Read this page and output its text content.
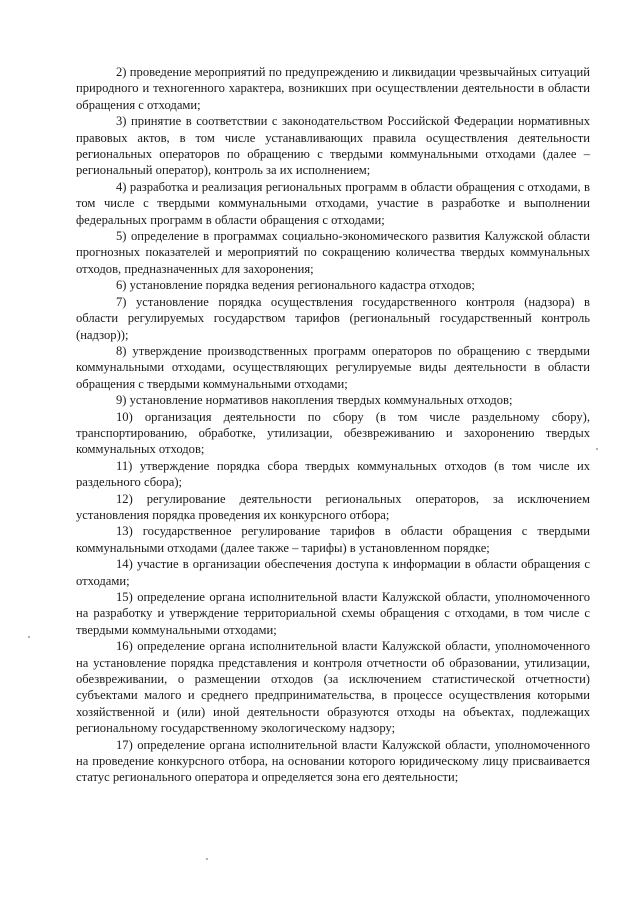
2) проведение мероприятий по предупреждению и ликвидации чрезвычайных ситуаций природного и техногенного характера, возникших при осуществлении деятельности в области обращения с отходами;

3) принятие в соответствии с законодательством Российской Федерации нормативных правовых актов, в том числе устанавливающих правила осуществления деятельности региональных операторов по обращению с твердыми коммунальными отходами (далее – региональный оператор), контроль за их исполнением;

4) разработка и реализация региональных программ в области обращения с отходами, в том числе с твердыми коммунальными отходами, участие в разработке и выполнении федеральных программ в области обращения с отходами;

5) определение в программах социально-экономического развития Калужской области прогнозных показателей и мероприятий по сокращению количества твердых коммунальных отходов, предназначенных для захоронения;

6) установление порядка ведения регионального кадастра отходов;

7) установление порядка осуществления государственного контроля (надзора) в области регулируемых государством тарифов (региональный государственный контроль (надзор));

8) утверждение производственных программ операторов по обращению с твердыми коммунальными отходами, осуществляющих регулируемые виды деятельности в области обращения с твердыми коммунальными отходами;

9) установление нормативов накопления твердых коммунальных отходов;

10) организация деятельности по сбору (в том числе раздельному сбору), транспортированию, обработке, утилизации, обезвреживанию и захоронению твердых коммунальных отходов;

11) утверждение порядка сбора твердых коммунальных отходов (в том числе их раздельного сбора);

12) регулирование деятельности региональных операторов, за исключением установления порядка проведения их конкурсного отбора;

13) государственное регулирование тарифов в области обращения с твердыми коммунальными отходами (далее также – тарифы) в установленном порядке;

14) участие в организации обеспечения доступа к информации в области обращения с отходами;

15) определение органа исполнительной власти Калужской области, уполномоченного на разработку и утверждение территориальной схемы обращения с отходами, в том числе с твердыми коммунальными отходами;

16) определение органа исполнительной власти Калужской области, уполномоченного на установление порядка представления и контроля отчетности об образовании, утилизации, обезвреживании, о размещении отходов (за исключением статистической отчетности) субъектами малого и среднего предпринимательства, в процессе осуществления которыми хозяйственной и (или) иной деятельности образуются отходы на объектах, подлежащих региональному государственному экологическому надзору;

17) определение органа исполнительной власти Калужской области, уполномоченного на проведение конкурсного отбора, на основании которого юридическому лицу присваивается статус регионального оператора и определяется зона его деятельности;
